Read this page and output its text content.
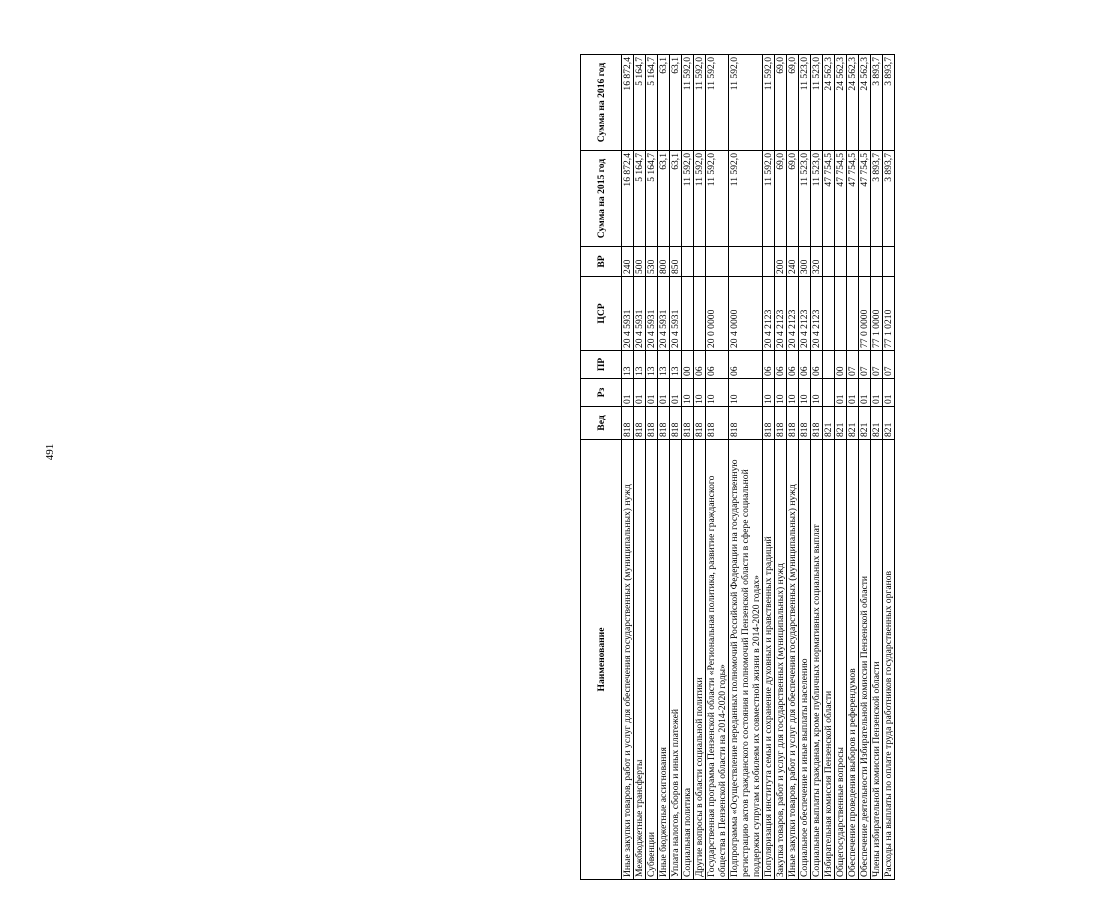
491
Наименование	Вед	Рз	ПР	ЦСР	ВР	Сумма на 2015 год	Сумма на 2016 год
Иные закупки товаров, работ и услуг для обеспечения государственных (муниципальных) нужд	818	01	13	20 4 5931	240	16 872,4	16 872,4
Межбюджетные трансферты	818	01	13	20 4 5931	500	5 164,7	5 164,7
Субвенции	818	01	13	20 4 5931	530	5 164,7	5 164,7
Иные бюджетные ассигнования	818	01	13	20 4 5931	800	63,1	63,1
Уплата налогов, сборов и иных платежей	818	01	13	20 4 5931	850	63,1	63,1
Социальная политика	818	10	00			11 592,0	11 592,0
Другие вопросы в области социальной политики	818	10	06			11 592,0	11 592,0
Государственная программа Пензенской области «Региональная политика, развитие гражданского общества в Пензенской области на 2014-2020 годы»	818	10	06	20 0 0000		11 592,0	11 592,0
Подпрограмма «Осуществление переданных полномочий Российской Федерации на государственную регистрацию актов гражданского состояния и полномочий Пензенской области в сфере социальной поддержки супругам к юбилеям их совместной жизни в 2014-2020 годах»	818	10	06	20 4 0000		11 592,0	11 592,0
Популяризация института семьи и сохранение духовных и нравственных традиций	818	10	06	20 4 2123		11 592,0	11 592,0
Закупка товаров, работ и услуг для государственных (муниципальных) нужд	818	10	06	20 4 2123	200	69,0	69,0
Иные закупки товаров, работ и услуг для обеспечения государственных (муниципальных) нужд	818	10	06	20 4 2123	240	69,0	69,0
Социальное обеспечение и иные выплаты населению	818	10	06	20 4 2123	300	11 523,0	11 523,0
Социальные выплаты гражданам, кроме публичных нормативных социальных выплат	818	10	06	20 4 2123	320	11 523,0	11 523,0
Избирательная комиссия Пензенской области	821					47 754,5	24 562,3
Общегосударственные вопросы	821	01	00			47 754,5	24 562,3
Обеспечение проведения выборов и референдумов	821	01	07			47 754,5	24 562,3
Обеспечение деятельности Избирательной комиссии Пензенской области	821	01	07	77 0 0000		47 754,5	24 562,3
Члены избирательной комиссии Пензенской области	821	01	07	77 1 0000		3 893,7	3 893,7
Расходы на выплаты по оплате труда работников государственных органов	821	01	07	77 1 0210		3 893,7	3 893,7
